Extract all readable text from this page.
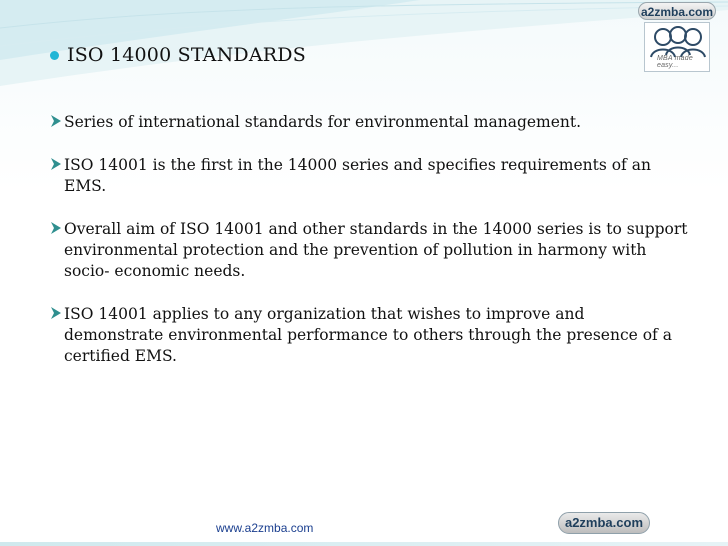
a2zmba.com
MBA made easy...
ISO 14000 STANDARDS
Series of international standards for environmental management.
ISO 14001 is the first in the 14000 series and specifies requirements of an EMS.
Overall aim of ISO 14001 and other standards in the 14000 series is to support environmental protection and the prevention of pollution in harmony with socio- economic needs.
ISO 14001 applies to any organization that wishes to improve and demonstrate environmental performance to others through the presence of a certified EMS.
www.a2zmba.com	a2zmba.com
